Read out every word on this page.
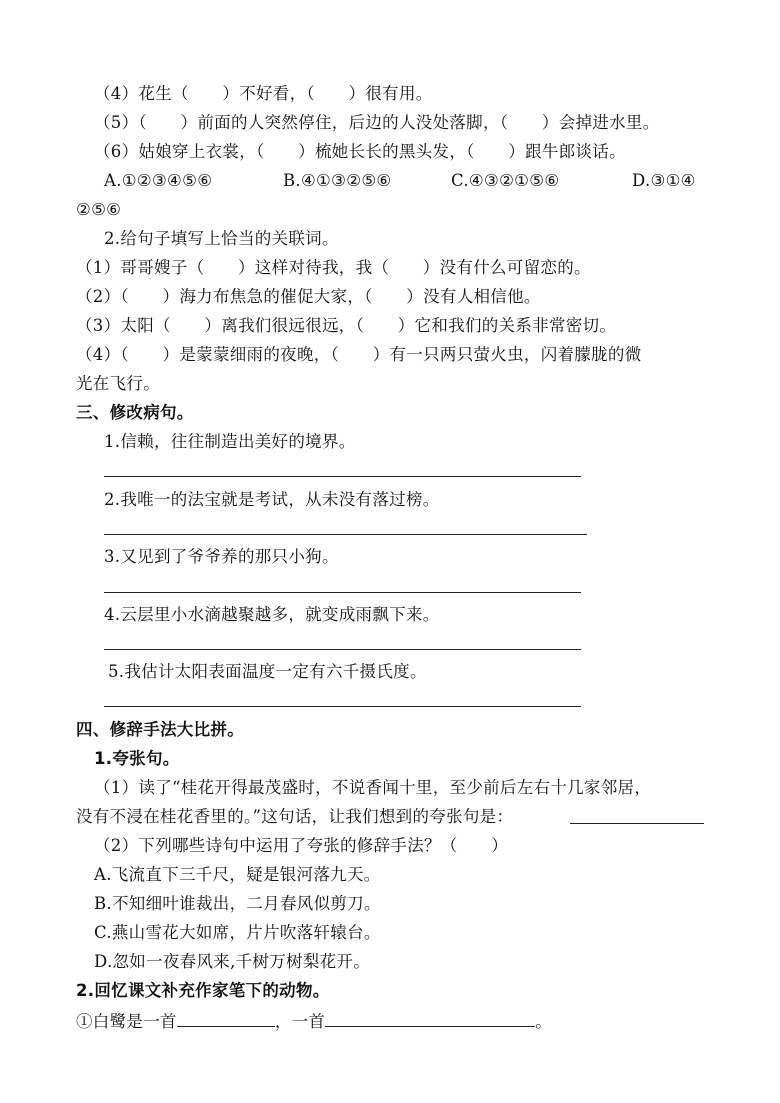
（4）花生（　　）不好看，（　　）很有用。
（5）（　　）前面的人突然停住，后边的人没处落脚，（　　）会掉进水里。
（6）姑娘穿上衣裳，（　　）梳她长长的黑头发，（　　）跟牛郎谈话。
A.①②③④⑤⑥	B.④①③②⑤⑥	C.④③②①⑤⑥	D.③①④
②⑤⑥
2.给句子填写上恰当的关联词。
（1）哥哥嫂子（　　）这样对待我，我（　　）没有什么可留恋的。
（2）（　　）海力布焦急的催促大家，（　　）没有人相信他。
（3）太阳（　　）离我们很远很远，（　　）它和我们的关系非常密切。
（4）（　　）是蒙蒙细雨的夜晚，（　　）有一只两只萤火虫，闪着朦胧的微
光在飞行。
三、修改病句。
1.信赖，往往制造出美好的境界。
2.我唯一的法宝就是考试，从未没有落过榜。
3.又见到了爷爷养的那只小狗。
4.云层里小水滴越聚越多，就变成雨飘下来。
5.我估计太阳表面温度一定有六千摄氏度。
四、修辞手法大比拼。
1.夸张句。
（1）读了“桂花开得最茂盛时，不说香闻十里，至少前后左右十几家邻居，
没有不浸在桂花香里的。”这句话，让我们想到的夸张句是：
（2）下列哪些诗句中运用了夸张的修辞手法？（　　）
A.飞流直下三千尺，疑是银河落九天。
B.不知细叶谁裁出，二月春风似剪刀。
C.燕山雪花大如席，片片吹落轩辕台。
D.忽如一夜春风来,千树万树梨花开。
2.回忆课文补充作家笔下的动物。
①白鹭是一首	，一首	。
